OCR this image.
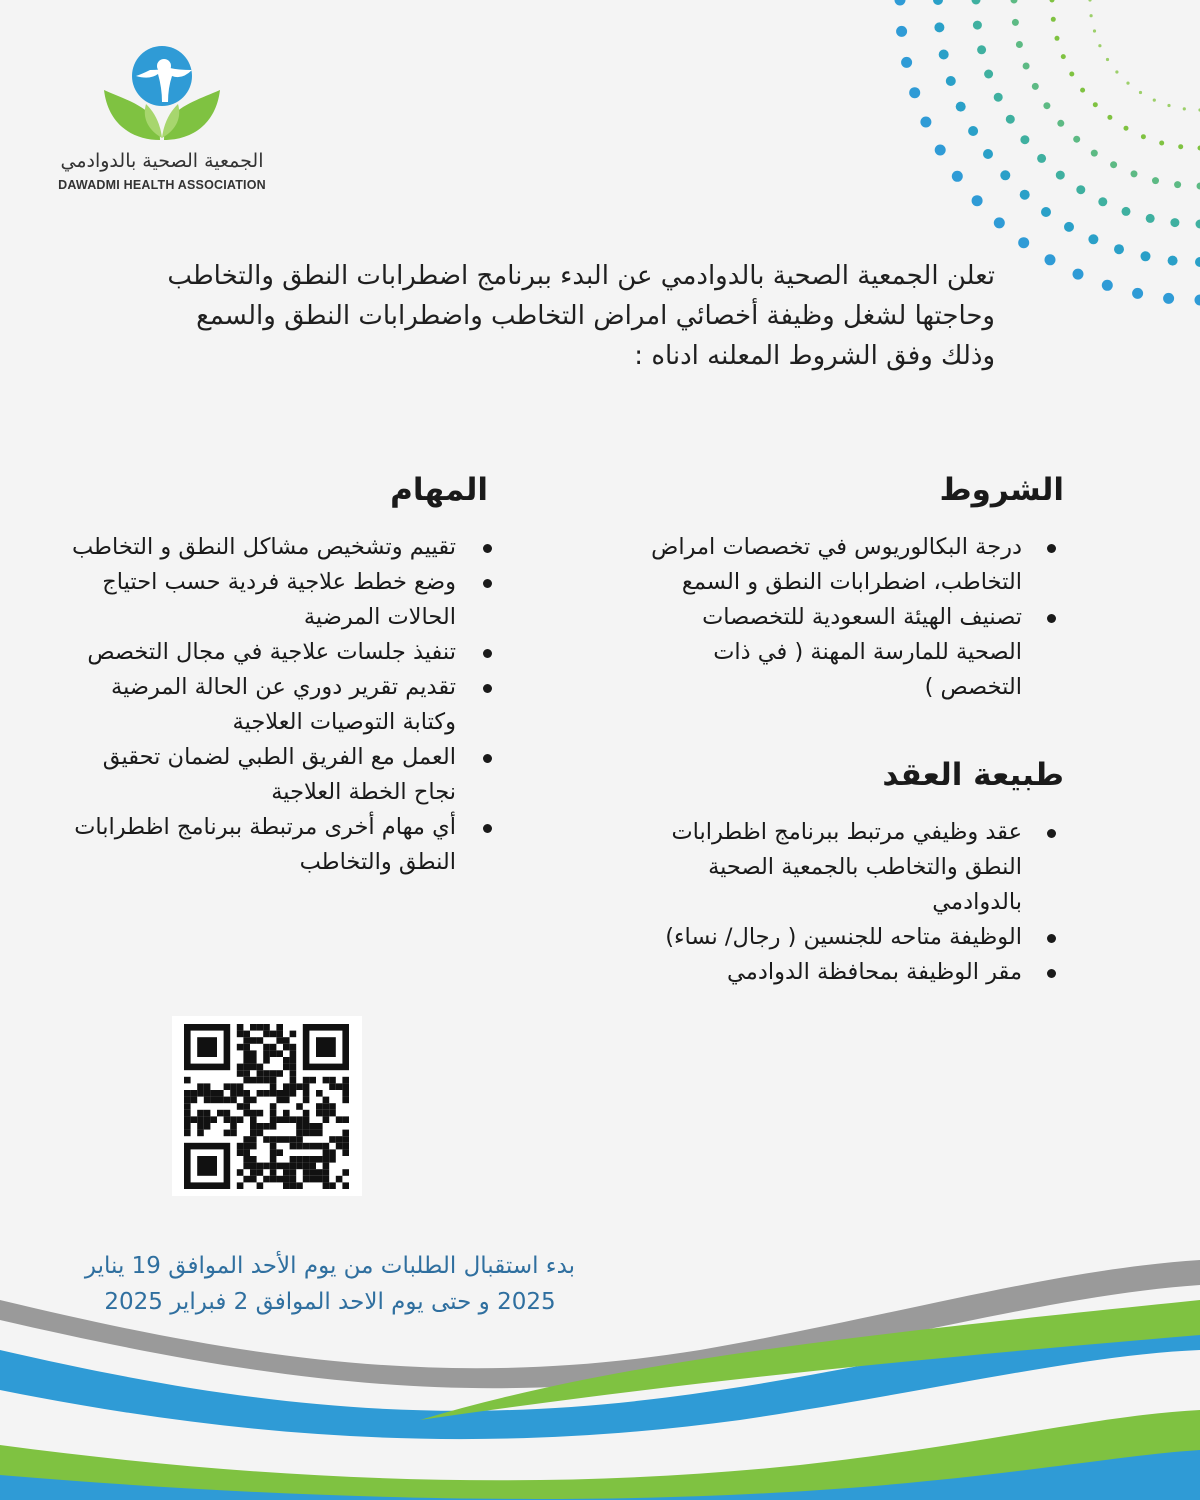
الجمعية الصحية بالدوادمي
DAWADMI HEALTH ASSOCIATION
تعلن الجمعية الصحية بالدوادمي عن البدء ببرنامج اضطرابات النطق والتخاطب
وحاجتها لشغل وظيفة أخصائي امراض التخاطب واضطرابات النطق والسمع
وذلك وفق الشروط المعلنه ادناه :
الشروط
درجة البكالوريوس في تخصصات امراض التخاطب، اضطرابات النطق و السمع
تصنيف الهيئة السعودية للتخصصات الصحية للمارسة المهنة ( في ذات التخصص )
طبيعة العقد
عقد وظيفي مرتبط ببرنامج اظطرابات النطق والتخاطب بالجمعية الصحية بالدوادمي
الوظيفة متاحه للجنسين ( رجال/ نساء)
مقر الوظيفة بمحافظة الدوادمي
المهام
تقييم وتشخيص مشاكل النطق و التخاطب
وضع خطط علاجية فردية حسب احتياج الحالات المرضية
تنفيذ جلسات علاجية في مجال التخصص
تقديم تقرير دوري عن الحالة المرضية وكتابة التوصيات العلاجية
العمل مع الفريق الطبي لضمان تحقيق نجاح الخطة العلاجية
أي مهام أخرى مرتبطة ببرنامج اظطرابات النطق والتخاطب
بدء استقبال الطلبات من يوم الأحد الموافق 19 يناير
2025 و حتى يوم الاحد الموافق 2 فبراير 2025
